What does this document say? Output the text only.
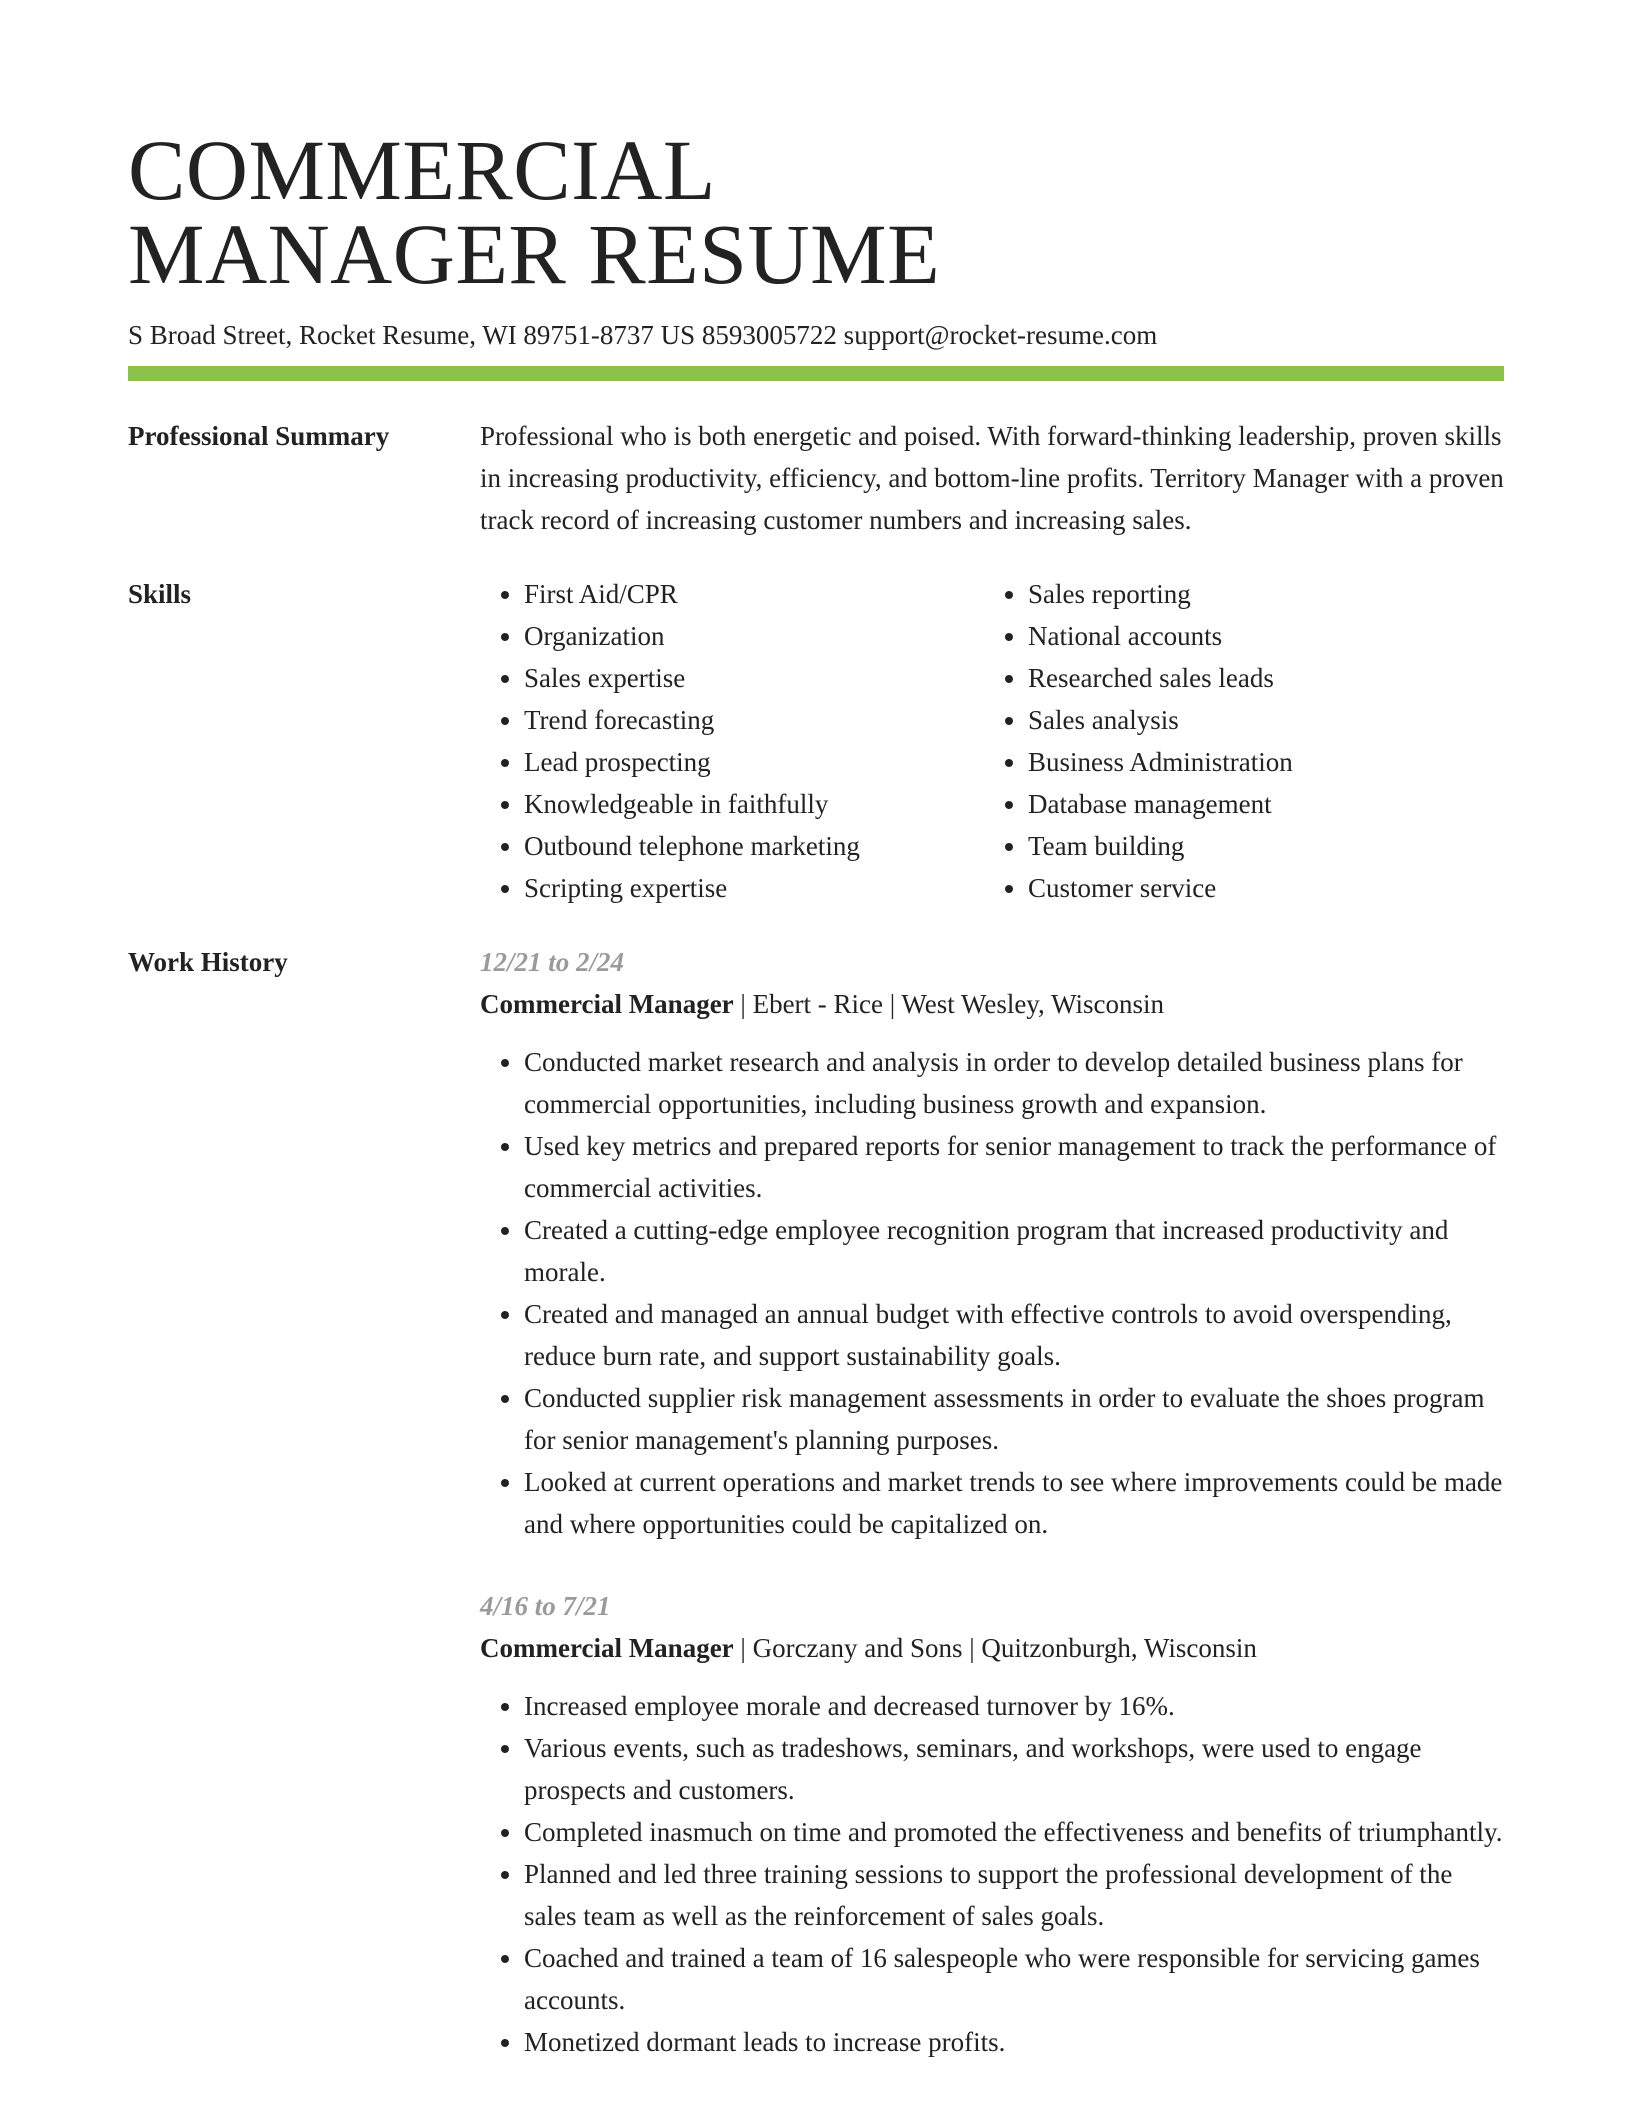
COMMERCIAL
MANAGER RESUME
S Broad Street, Rocket Resume, WI 89751-8737 US 8593005722 support@rocket-resume.com
Professional Summary	Professional who is both energetic and poised. With forward-thinking leadership, proven skills in increasing productivity, efficiency, and bottom-line profits. Territory Manager with a proven track record of increasing customer numbers and increasing sales.

Skills
•	First Aid/CPR
• Organization
• Sales expertise
• Trend forecasting
• Lead prospecting
• Knowledgeable in faithfully
• Outbound telephone marketing
• Scripting expertise
• Sales reporting
• National accounts
• Researched sales leads
• Sales analysis
• Business Administration
• Database management
• Team building
• Customer service
Work History	12/21 to 2/24
Commercial Manager | Ebert - Rice | West Wesley, Wisconsin
• Conducted market research and analysis in order to develop detailed business plans for commercial opportunities, including business growth and expansion.
• Used key metrics and prepared reports for senior management to track the performance of commercial activities.
• Created a cutting-edge employee recognition program that increased productivity and morale.
• Created and managed an annual budget with effective controls to avoid overspending, reduce burn rate, and support sustainability goals.
• Conducted supplier risk management assessments in order to evaluate the shoes program for senior management's planning purposes.
• Looked at current operations and market trends to see where improvements could be made and where opportunities could be capitalized on.
4/16 to 7/21
Commercial Manager | Gorczany and Sons | Quitzonburgh, Wisconsin
• Increased employee morale and decreased turnover by 16%.
• Various events, such as tradeshows, seminars, and workshops, were used to engage prospects and customers.
• Completed inasmuch on time and promoted the effectiveness and benefits of triumphantly.
• Planned and led three training sessions to support the professional development of the sales team as well as the reinforcement of sales goals.
• Coached and trained a team of 16 salespeople who were responsible for servicing games accounts.
• Monetized dormant leads to increase profits.
